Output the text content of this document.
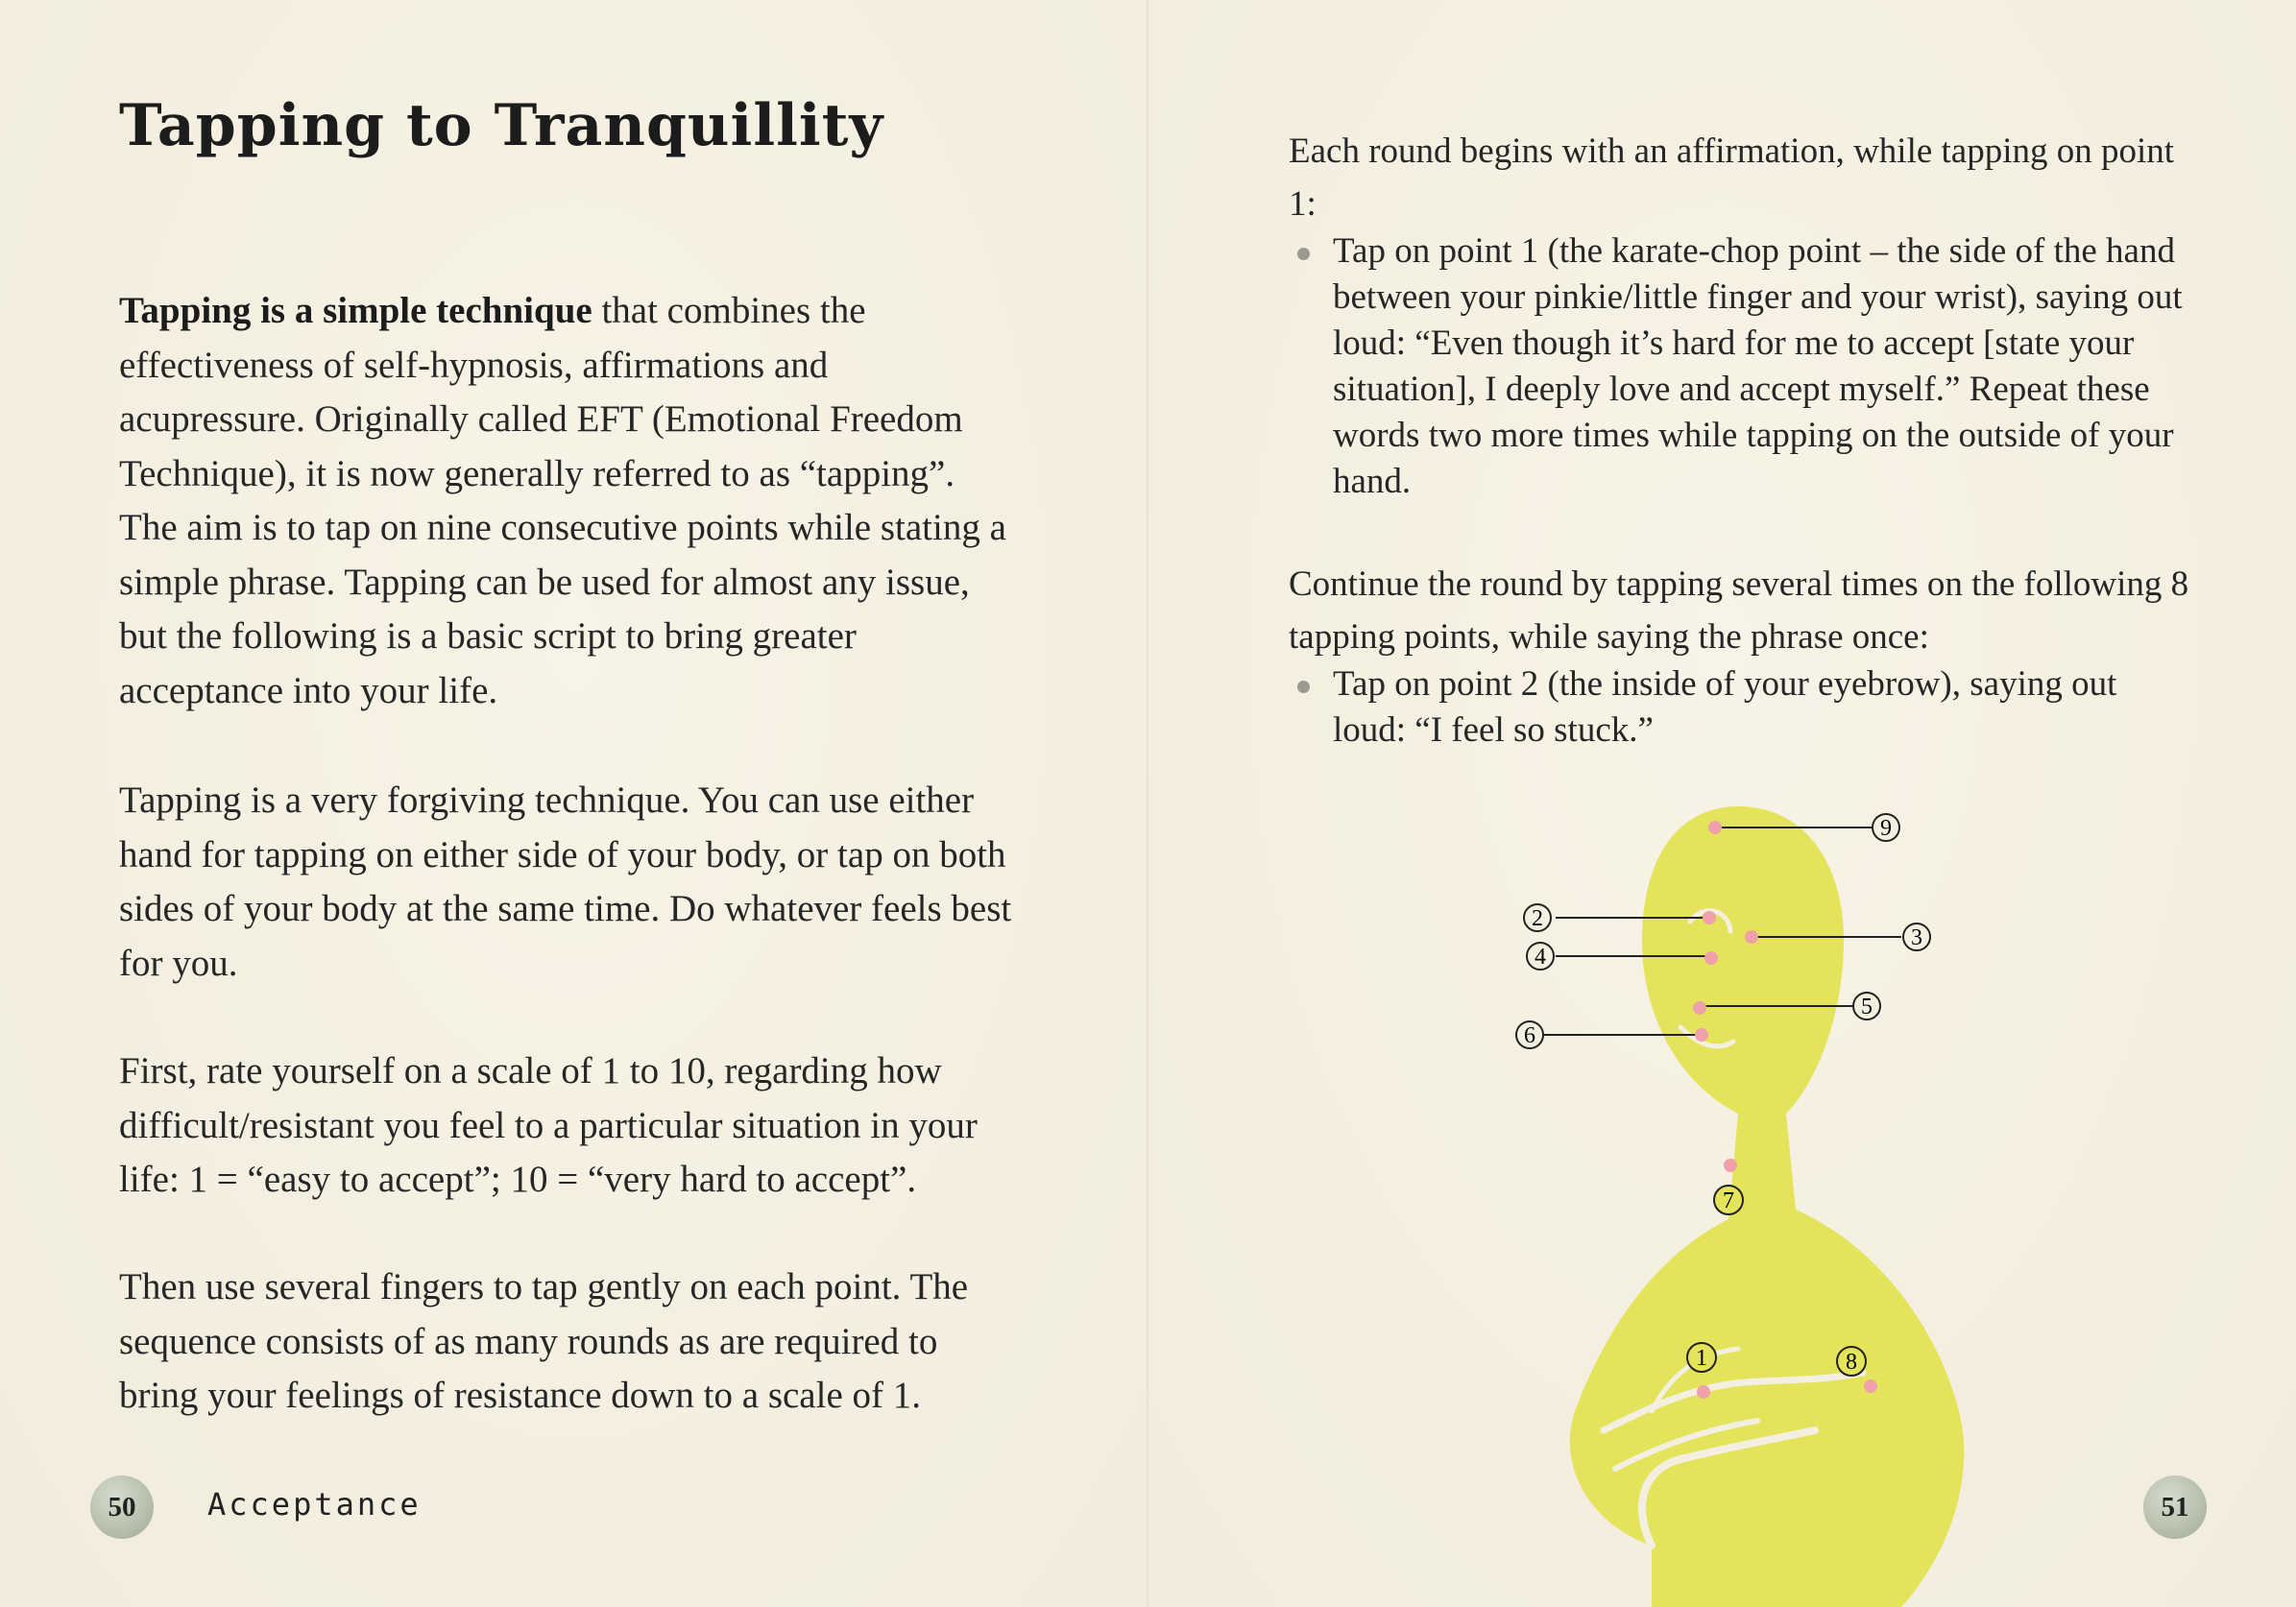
Tapping to Tranquillity

Tapping is a simple technique that combines the effectiveness of self-hypnosis, affirmations and acupressure. Originally called EFT (Emotional Freedom Technique), it is now generally referred to as “tapping”. The aim is to tap on nine consecutive points while stating a simple phrase. Tapping can be used for almost any issue, but the following is a basic script to bring greater acceptance into your life.

Tapping is a very forgiving technique. You can use either hand for tapping on either side of your body, or tap on both sides of your body at the same time. Do whatever feels best for you.

First, rate yourself on a scale of 1 to 10, regarding how difficult/resistant you feel to a particular situation in your life: 1 = “easy to accept”; 10 = “very hard to accept”.

Then use several fingers to tap gently on each point. The sequence consists of as many rounds as are required to bring your feelings of resistance down to a scale of 1.

50	Acceptance

Each round begins with an affirmation, while tapping on point 1:

Tap on point 1 (the karate-chop point – the side of the hand between your pinkie/little finger and your wrist), saying out loud: “Even though it’s hard for me to accept [state your situation], I deeply love and accept myself.” Repeat these words two more times while tapping on the outside of your hand.

Continue the round by tapping several times on the following 8 tapping points, while saying the phrase once:

Tap on point 2 (the inside of your eyebrow), saying out loud: “I feel so stuck.”
9
2
3
4
5
6
7
1	8
51
